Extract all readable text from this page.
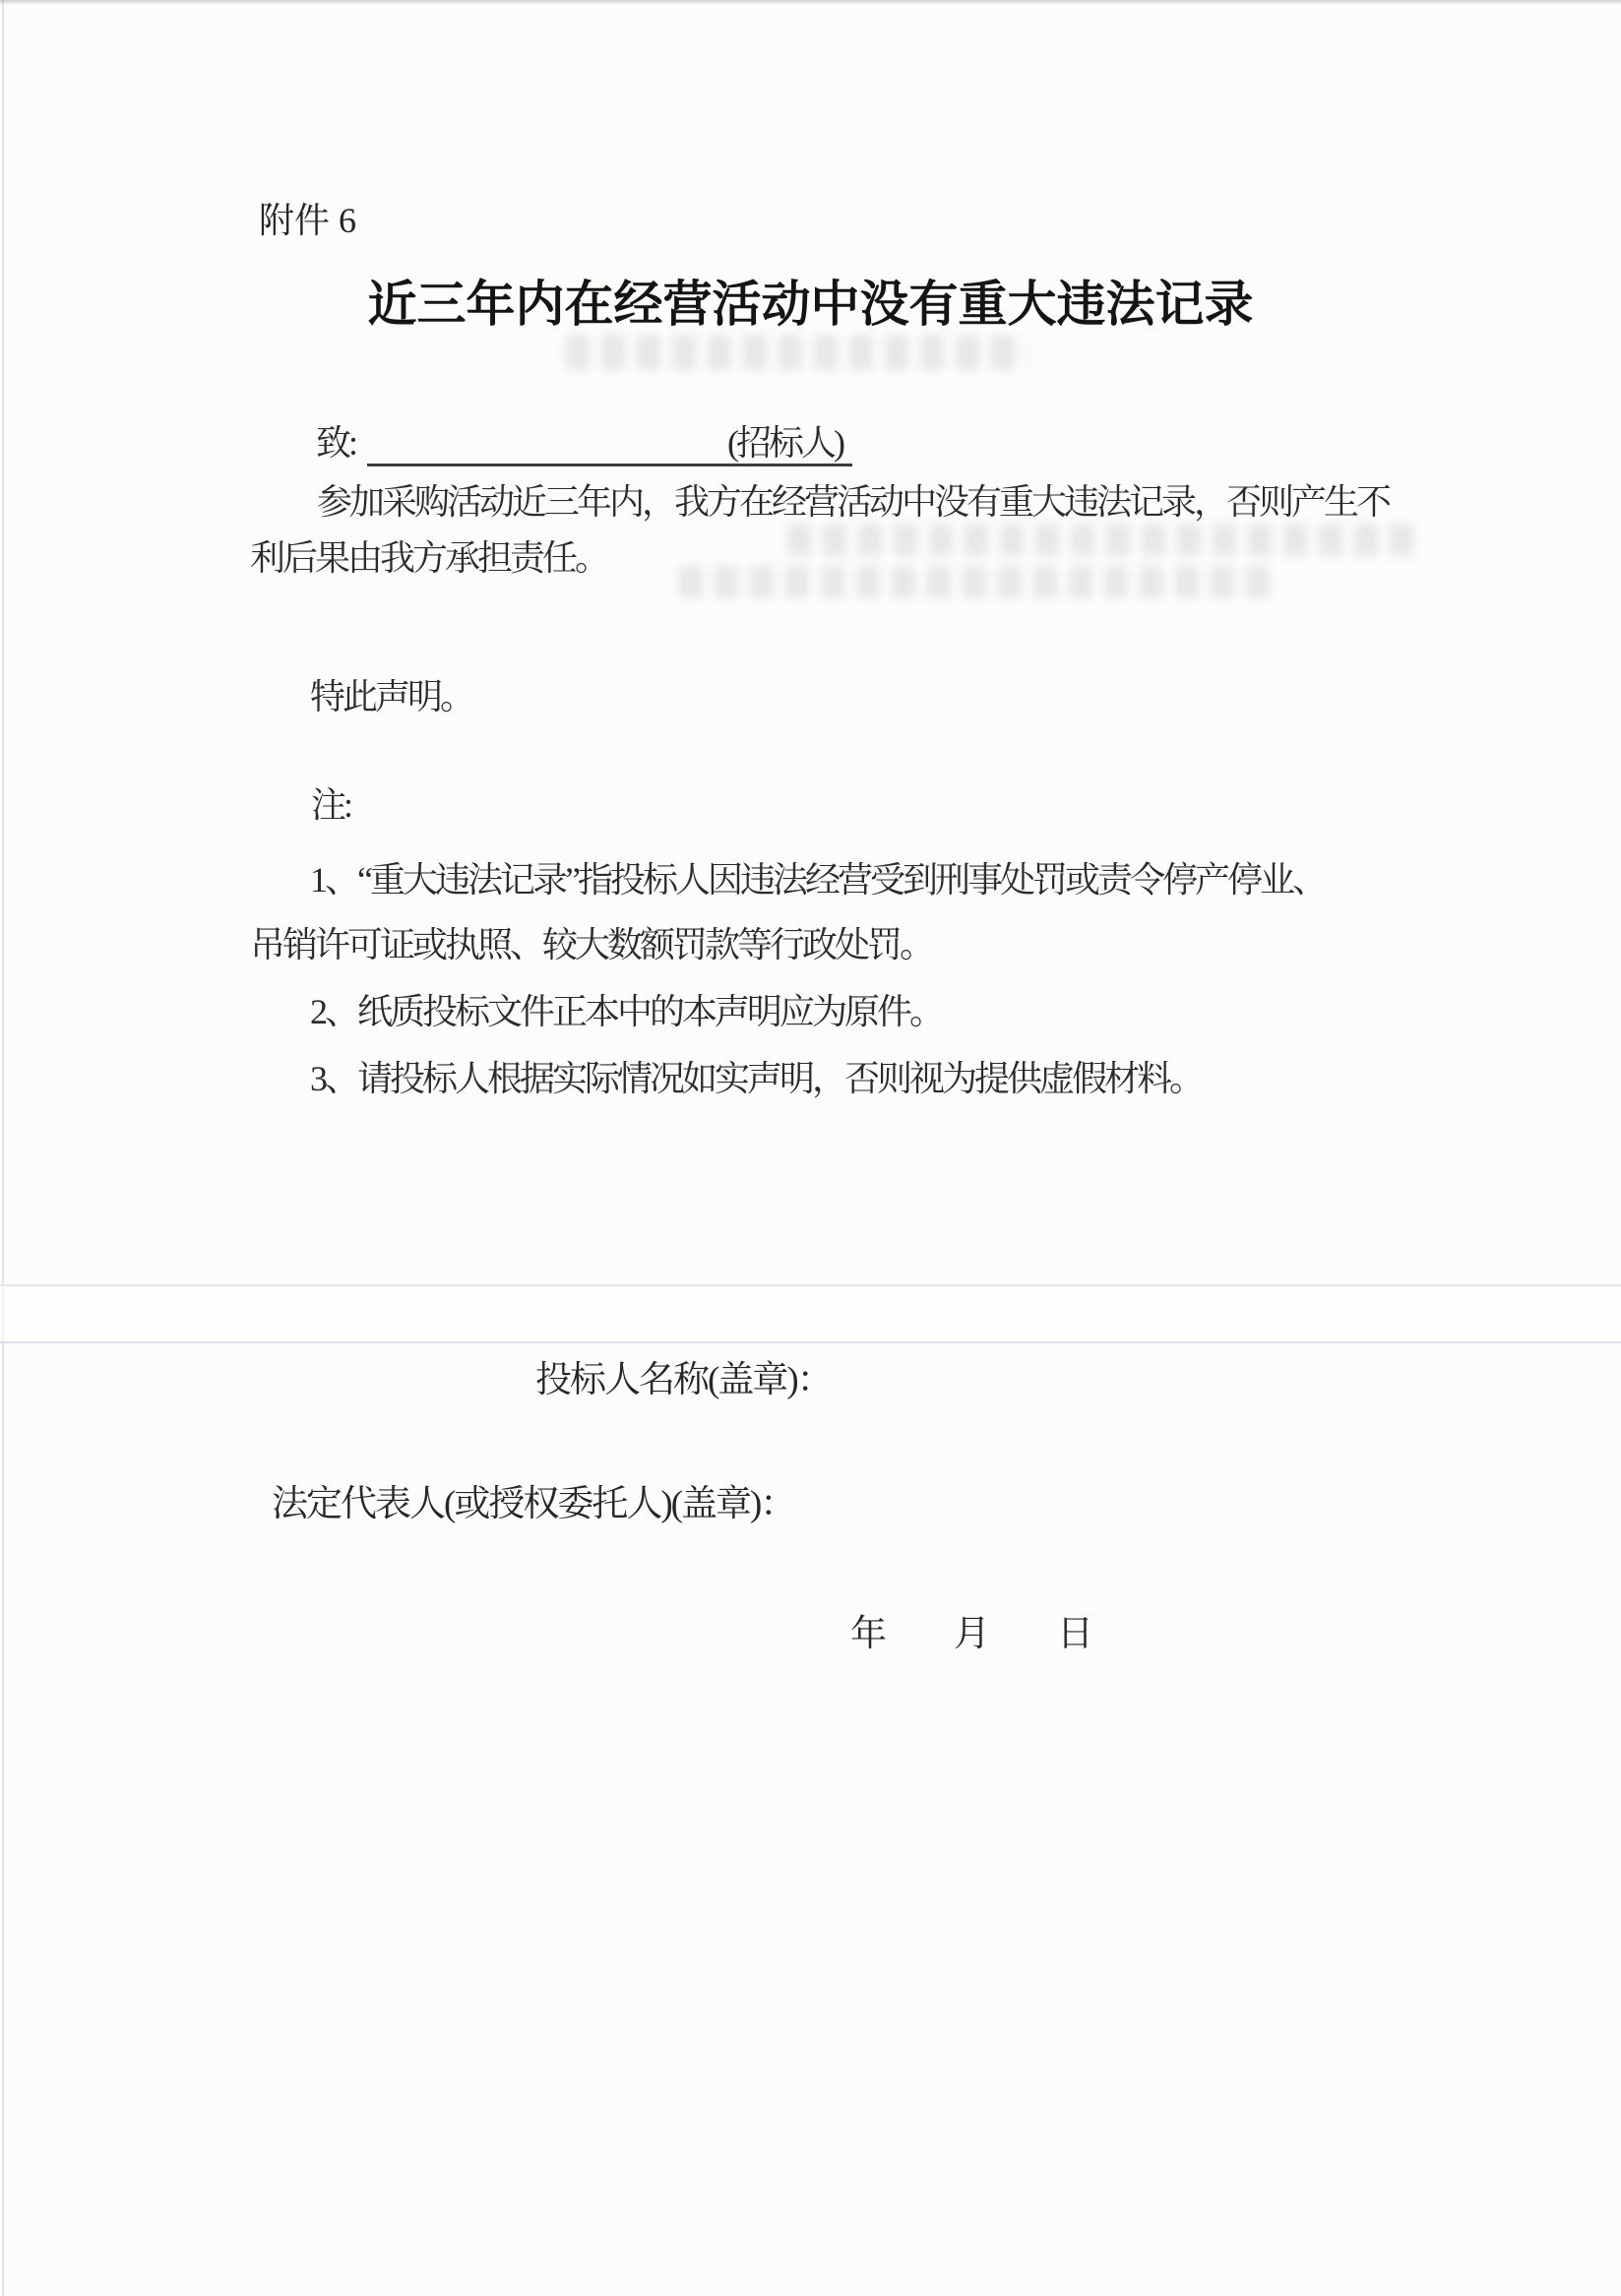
附件 6
近三年内在经营活动中没有重大违法记录
致:	(招标人)
参加采购活动近三年内，我方在经营活动中没有重大违法记录，否则产生不
利后果由我方承担责任。
特此声明。
注:
1、“重大违法记录”指投标人因违法经营受到刑事处罚或责令停产停业、
吊销许可证或执照、较大数额罚款等行政处罚。
2、纸质投标文件正本中的本声明应为原件。
3、请投标人根据实际情况如实声明，否则视为提供虚假材料。
投标人名称(盖章)：
法定代表人(或授权委托人)(盖章)：
年　　月　　日
